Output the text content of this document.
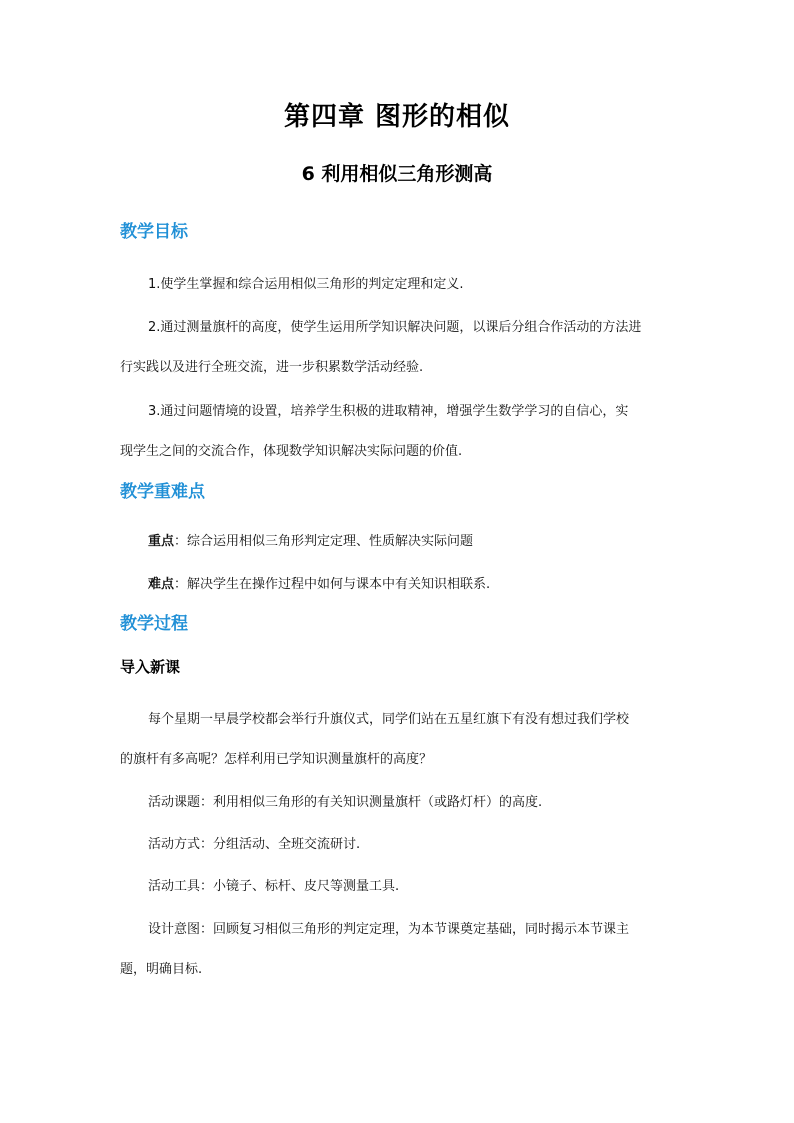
第四章 图形的相似
6 利用相似三角形测高
教学目标
1.使学生掌握和综合运用相似三角形的判定定理和定义.
2.通过测量旗杆的高度，使学生运用所学知识解决问题，以课后分组合作活动的方法进
行实践以及进行全班交流，进一步积累数学活动经验.
3.通过问题情境的设置，培养学生积极的进取精神，增强学生数学学习的自信心，实
现学生之间的交流合作，体现数学知识解决实际问题的价值.
教学重难点
重点：综合运用相似三角形判定定理、性质解决实际问题
难点：解决学生在操作过程中如何与课本中有关知识相联系.
教学过程
导入新课
每个星期一早晨学校都会举行升旗仪式，同学们站在五星红旗下有没有想过我们学校
的旗杆有多高呢？怎样利用已学知识测量旗杆的高度？
活动课题：利用相似三角形的有关知识测量旗杆（或路灯杆）的高度.
活动方式：分组活动、全班交流研讨.
活动工具：小镜子、标杆、皮尺等测量工具.
设计意图：回顾复习相似三角形的判定定理，为本节课奠定基础，同时揭示本节课主
题，明确目标.
